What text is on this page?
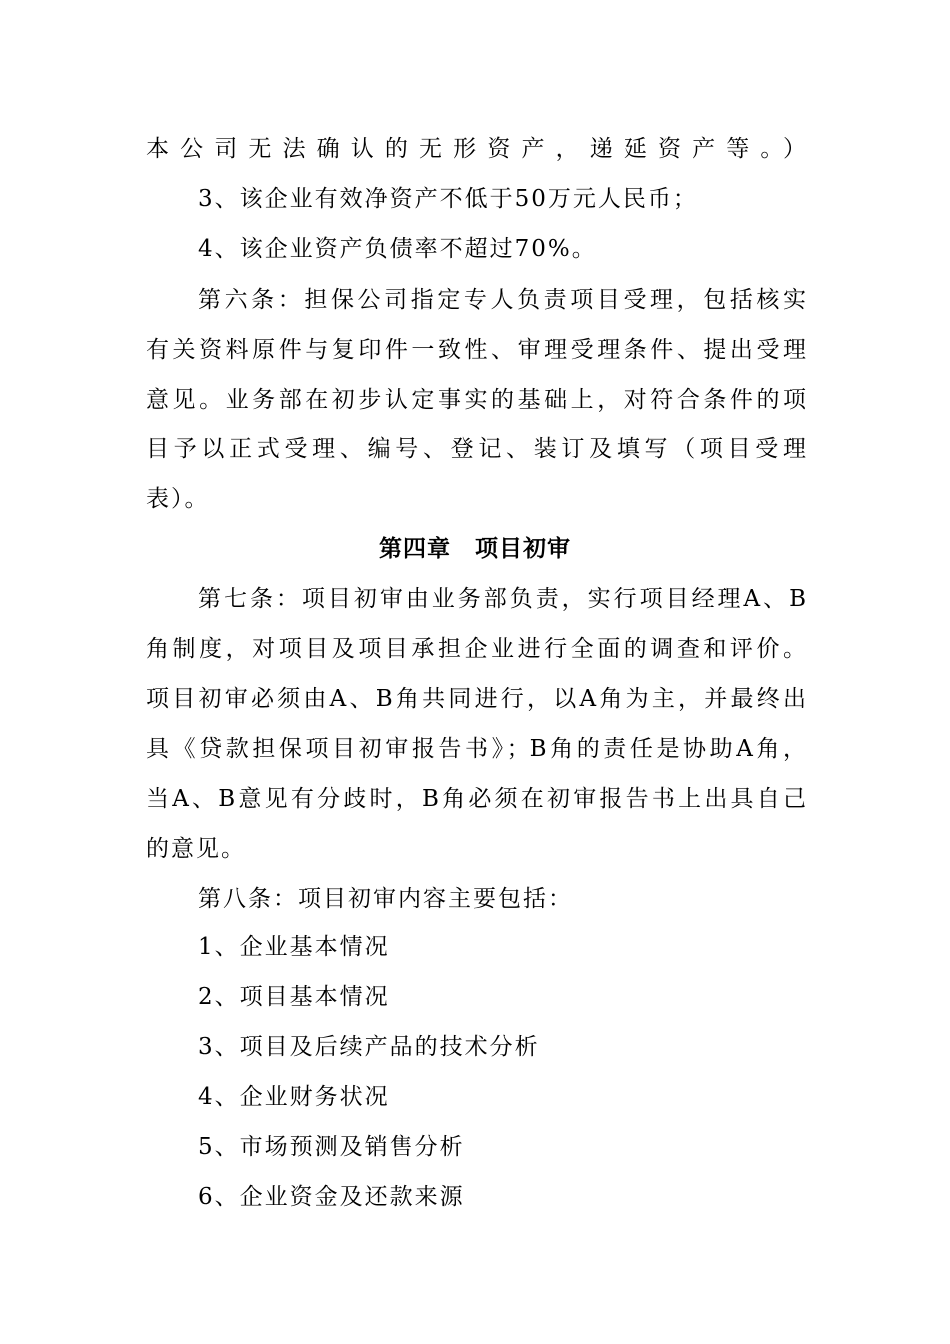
本公司无法确认的无形资产，递延资产等。）
3、该企业有效净资产不低于50万元人民币；
4、该企业资产负债率不超过70%。
第六条：担保公司指定专人负责项目受理，包括核实
有关资料原件与复印件一致性、审理受理条件、提出受理
意见。业务部在初步认定事实的基础上，对符合条件的项
目予以正式受理、编号、登记、装订及填写（项目受理
表）。
第四章　项目初审
第七条：项目初审由业务部负责，实行项目经理A、B
角制度，对项目及项目承担企业进行全面的调查和评价。
项目初审必须由A、B角共同进行，以A角为主，并最终出
具《贷款担保项目初审报告书》；B角的责任是协助A角，
当A、B意见有分歧时，B角必须在初审报告书上出具自己
的意见。
第八条：项目初审内容主要包括：
1、企业基本情况
2、项目基本情况
3、项目及后续产品的技术分析
4、企业财务状况
5、市场预测及销售分析
6、企业资金及还款来源
